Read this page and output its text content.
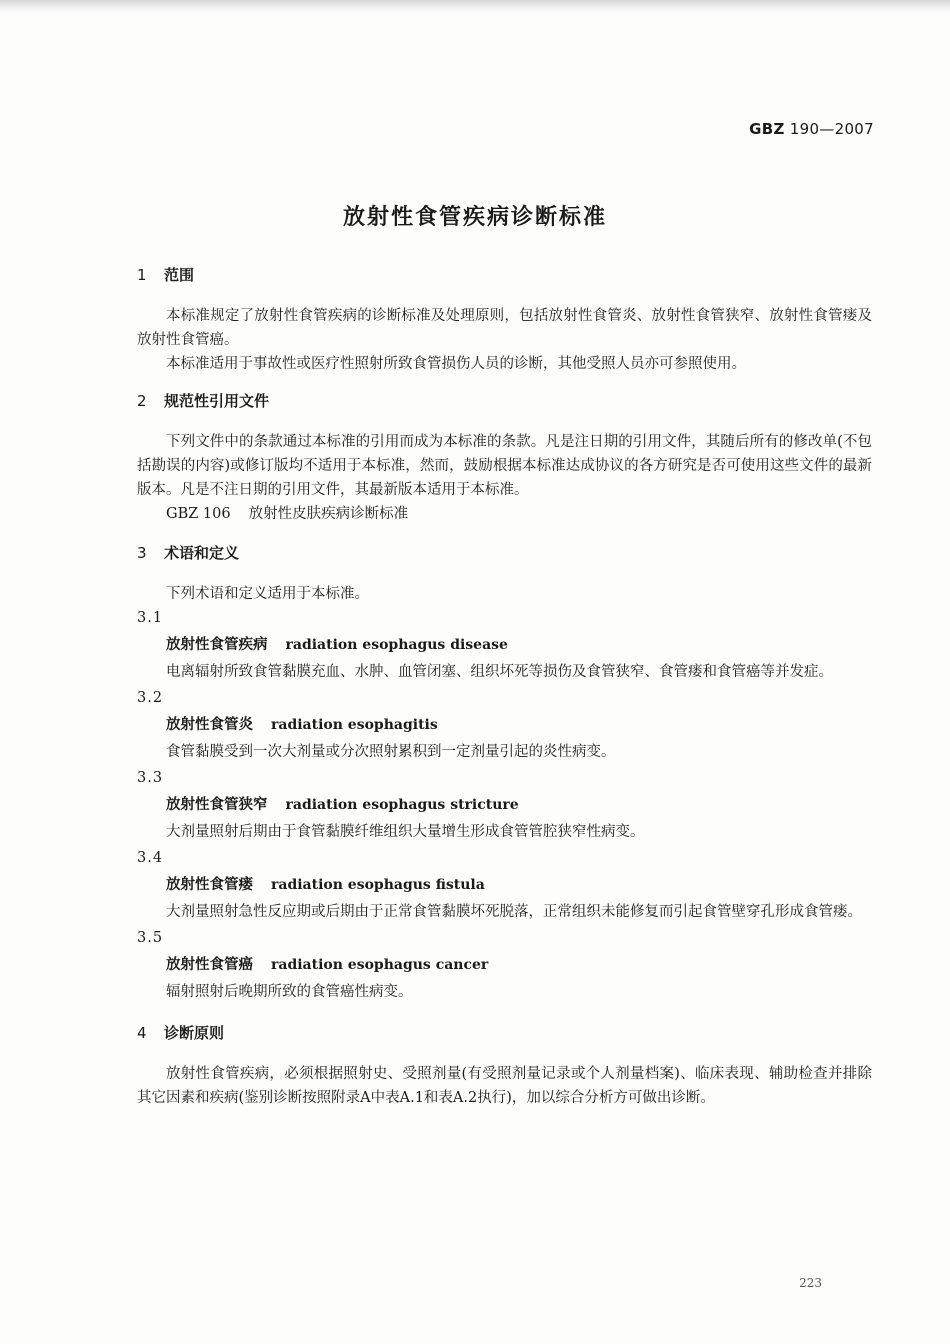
GBZ 190—2007
放射性食管疾病诊断标准
1 范围

本标准规定了放射性食管疾病的诊断标准及处理原则，包括放射性食管炎、放射性食管狭窄、放射性食管瘘及放射性食管癌。

本标准适用于事故性或医疗性照射所致食管损伤人员的诊断，其他受照人员亦可参照使用。

2 规范性引用文件

下列文件中的条款通过本标准的引用而成为本标准的条款。凡是注日期的引用文件，其随后所有的修改单(不包括勘误的内容)或修订版均不适用于本标准，然而，鼓励根据本标准达成协议的各方研究是否可使用这些文件的最新版本。凡是不注日期的引用文件，其最新版本适用于本标准。

GBZ 106 放射性皮肤疾病诊断标准
3 术语和定义

下列术语和定义适用于本标准。

3.1
放射性食管疾病 radiation esophagus disease
电离辐射所致食管黏膜充血、水肿、血管闭塞、组织坏死等损伤及食管狭窄、食管瘘和食管癌等并发症。
3.2
放射性食管炎 radiation esophagitis
食管黏膜受到一次大剂量或分次照射累积到一定剂量引起的炎性病变。
3.3
放射性食管狭窄 radiation esophagus stricture
大剂量照射后期由于食管黏膜纤维组织大量增生形成食管管腔狭窄性病变。
3.4
放射性食管瘘 radiation esophagus fistula
大剂量照射急性反应期或后期由于正常食管黏膜坏死脱落，正常组织未能修复而引起食管壁穿孔形成食管瘘。
3.5
放射性食管癌 radiation esophagus cancer
辐射照射后晚期所致的食管癌性病变。
4 诊断原则

放射性食管疾病，必须根据照射史、受照剂量(有受照剂量记录或个人剂量档案)、临床表现、辅助检查并排除其它因素和疾病(鉴别诊断按照附录A中表A.1和表A.2执行)，加以综合分析方可做出诊断。

223
